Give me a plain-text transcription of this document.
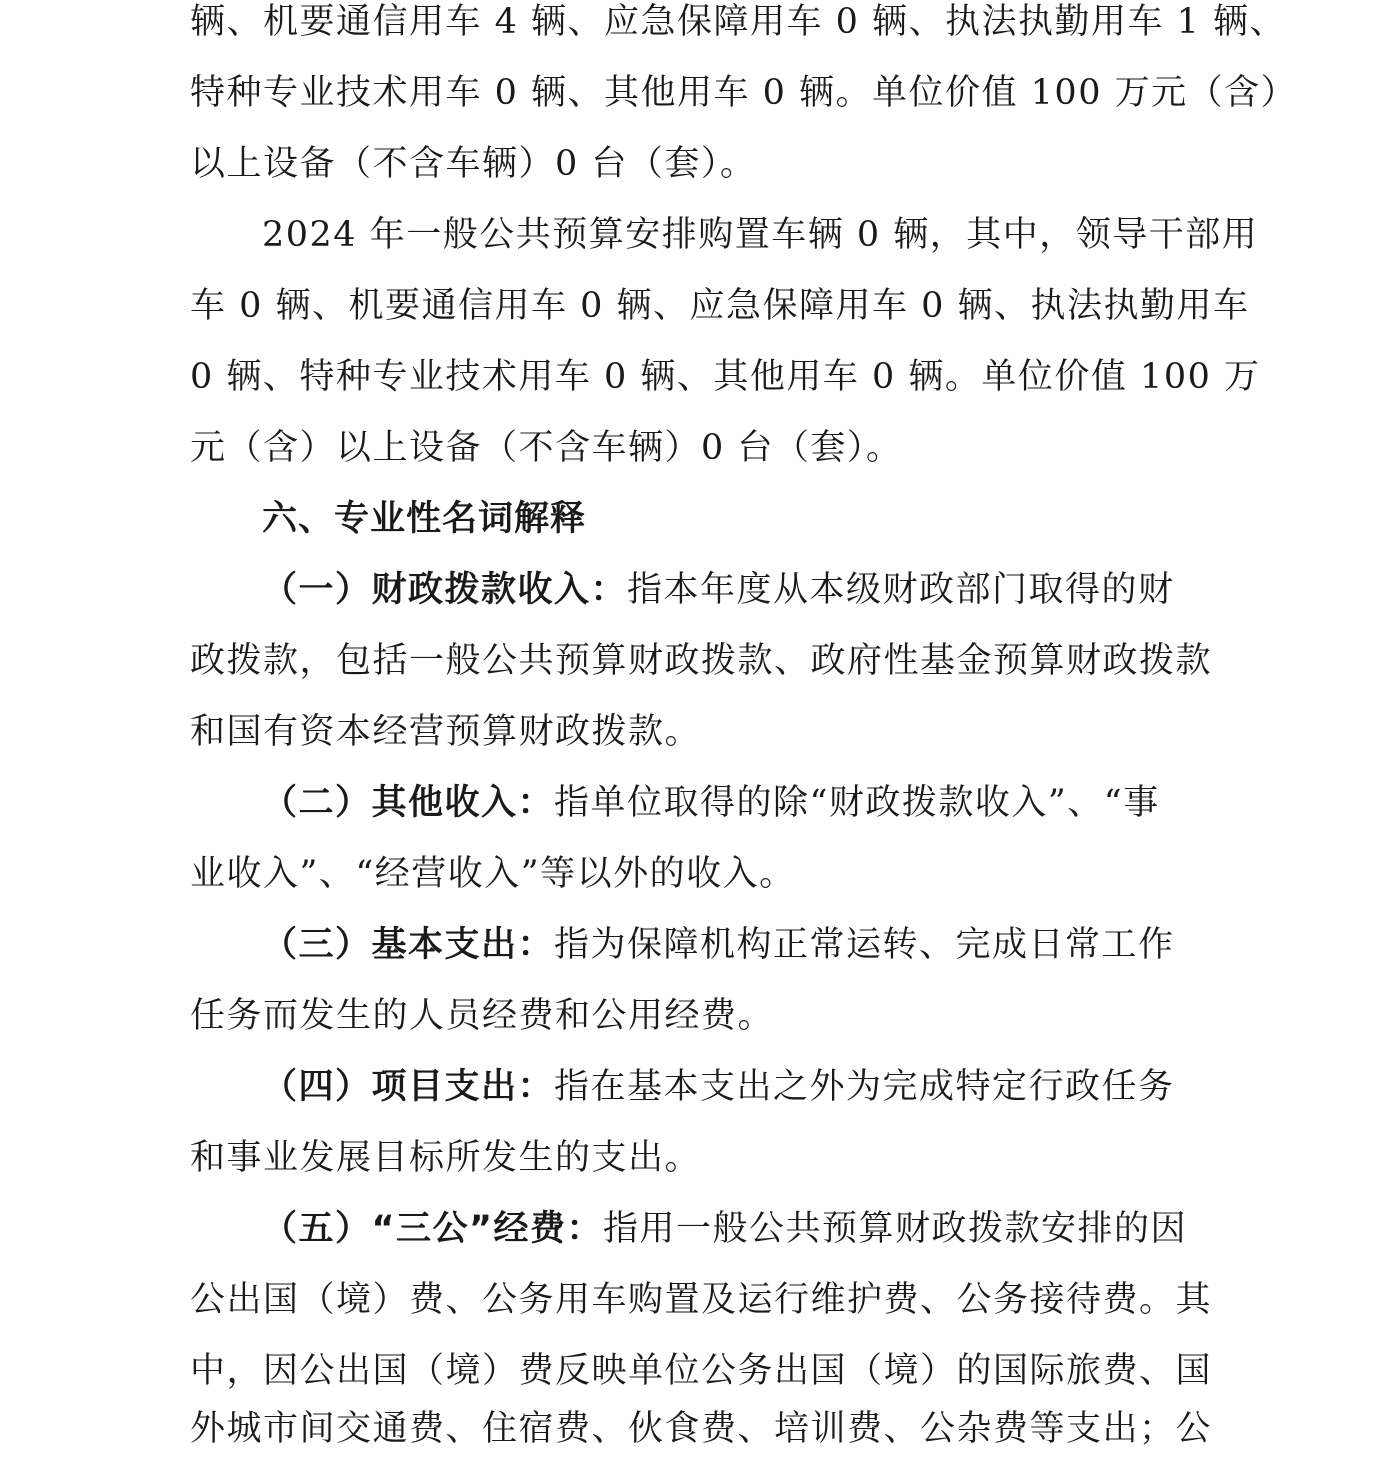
辆、机要通信用车 4 辆、应急保障用车 0 辆、执法执勤用车 1 辆、
特种专业技术用车 0 辆、其他用车 0 辆。单位价值 100 万元（含）
以上设备（不含车辆）0 台（套）。
2024 年一般公共预算安排购置车辆 0 辆，其中，领导干部用
车 0 辆、机要通信用车 0 辆、应急保障用车 0 辆、执法执勤用车
0 辆、特种专业技术用车 0 辆、其他用车 0 辆。单位价值 100 万
元（含）以上设备（不含车辆）0 台（套）。
六、专业性名词解释
（一）财政拨款收入：指本年度从本级财政部门取得的财
政拨款，包括一般公共预算财政拨款、政府性基金预算财政拨款
和国有资本经营预算财政拨款。
（二）其他收入：指单位取得的除“财政拨款收入”、“事
业收入”、“经营收入”等以外的收入。
（三）基本支出：指为保障机构正常运转、完成日常工作
任务而发生的人员经费和公用经费。
（四）项目支出：指在基本支出之外为完成特定行政任务
和事业发展目标所发生的支出。
（五）“三公”经费：指用一般公共预算财政拨款安排的因
公出国（境）费、公务用车购置及运行维护费、公务接待费。其
中，因公出国（境）费反映单位公务出国（境）的国际旅费、国
外城市间交通费、住宿费、伙食费、培训费、公杂费等支出；公
